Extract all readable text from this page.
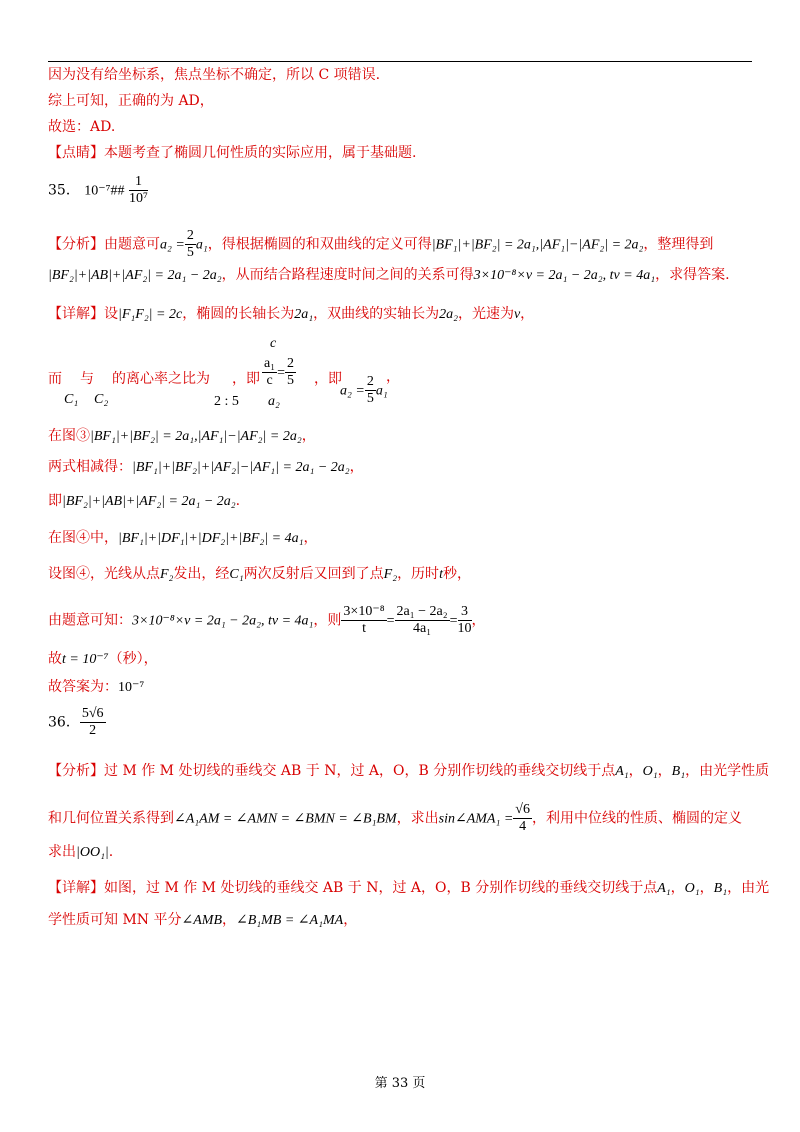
因为没有给坐标系，焦点坐标不确定，所以 C 项错误.
综上可知，正确的为 AD，
故选：AD.
【点睛】本题考查了椭圆几何性质的实际应用，属于基础题.
35． 10⁻⁷## $\frac{1}{\text{10⁷}}$
【分析】由题意可$a_2 = \frac{2}{5} a_1$，得根据椭圆的和双曲线的定义可得|BF₁|+|BF₂| = 2a₁,|AF₁|−|AF₂| = 2a₂，整理得到
|BF₂|+|AB|+|AF₂| = 2a₁ − 2a₂，从而结合路程速度时间之间的关系可得3×10⁻⁸×v = 2a₁ − 2a₂, tv = 4a₁，求得答案.
【详解】设|F₁F₂| = 2c，椭圆的长轴长为2a₁，双曲线的实轴长为2a₂，光速为v，
c
而 与 的离心率之比为 ，即 $\frac{\text{a₁}}{c} = \frac{2}{5}$ ，即
$a_2 = \frac{2}{5} a_1$
，
C₁ C₂	2 : 5 a₂
在图③|BF₁|+|BF₂| = 2a₁,|AF₁|−|AF₂| = 2a₂，
两式相减得：|BF₁|+|BF₂|+|AF₂|−|AF₁| = 2a₁ − 2a₂，
即|BF₂|+|AB|+|AF₂| = 2a₁ − 2a₂.
在图④中，|BF₁|+|DF₁|+|DF₂|+|BF₂| = 4a₁，
设图④，光线从点F₂发出，经C₁两次反射后又回到了点F₂，历时t秒，
由题意可知：3×10⁻⁸×v = 2a₁ − 2a₂, tv = 4a₁，则 $\frac{\text{3×10⁻⁸}}{t} = \frac{\text{2a₁ − 2a₂}}{\text{4a₁}} = \frac{3}{10}$ ，
故t = 10⁻⁷（秒），
故答案为：10⁻⁷
36． $\frac{5√6}{2}$
【分析】过 M 作 M 处切线的垂线交 AB 于 N，过 A，O，B 分别作切线的垂线交切线于点A₁，O₁，B₁，由光学性质
和几何位置关系得到∠A₁AM = ∠AMN = ∠BMN = ∠B₁BM，求出sin∠AMA₁ = $\frac{√6}{4}$ ，利用中位线的性质、椭圆的定义
求出|OO₁|.
【详解】如图，过 M 作 M 处切线的垂线交 AB 于 N，过 A，O，B 分别作切线的垂线交切线于点A₁，O₁，B₁，由光
学性质可知 MN 平分∠AMB，∠B₁MB = ∠A₁MA，
第 33 页
